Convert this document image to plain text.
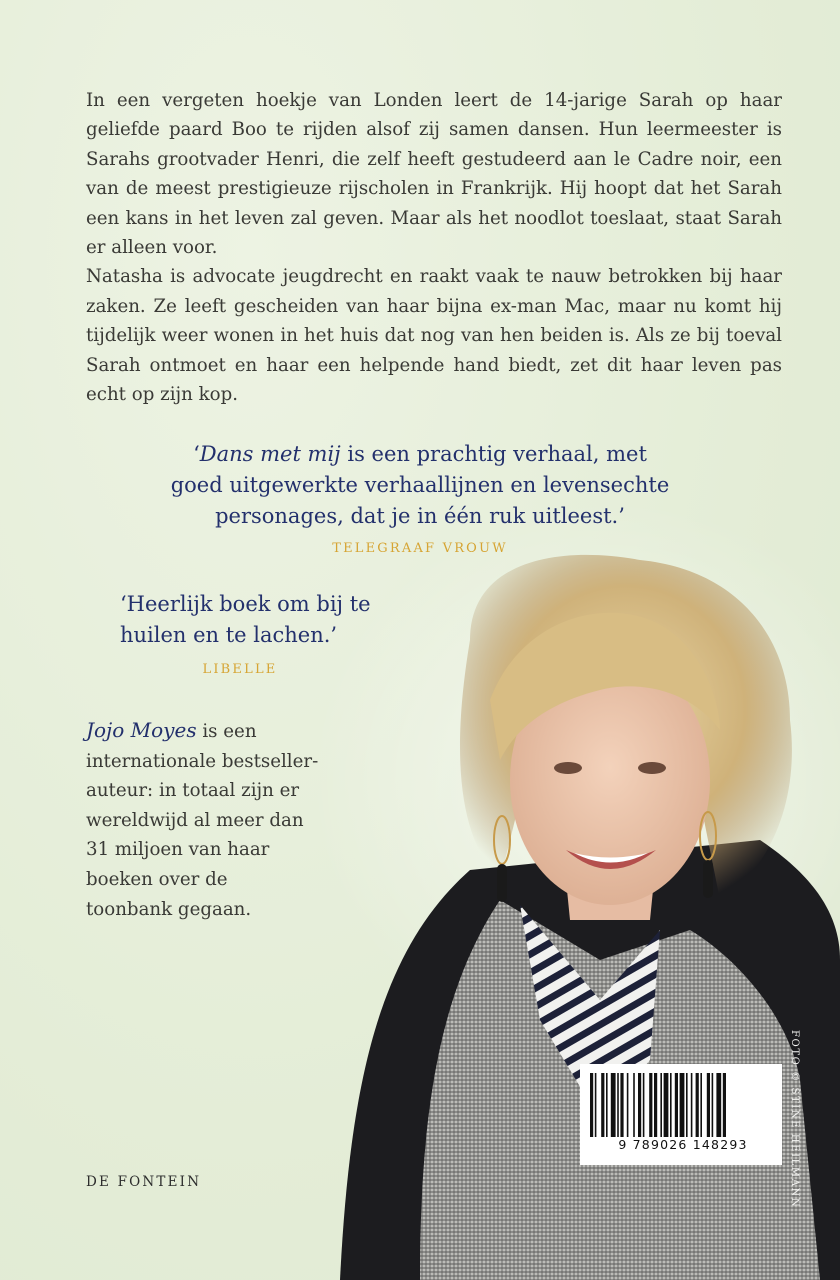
In een vergeten hoekje van Londen leert de 14-jarige Sarah op haar geliefde paard Boo te rijden alsof zij samen dansen. Hun leermeester is Sarahs grootvader Henri, die zelf heeft gestudeerd aan le Cadre noir, een van de meest prestigieuze rijscholen in Frankrijk. Hij hoopt dat het Sarah een kans in het leven zal geven. Maar als het noodlot toeslaat, staat Sarah er alleen voor.

Natasha is advocate jeugdrecht en raakt vaak te nauw betrokken bij haar zaken. Ze leeft gescheiden van haar bijna ex-man Mac, maar nu komt hij tijdelijk weer wonen in het huis dat nog van hen beiden is. Als ze bij toeval Sarah ontmoet en haar een helpende hand biedt, zet dit haar leven pas echt op zijn kop.

‘Dans met mij is een prachtig verhaal, met
goed uitgewerkte verhaallijnen en levensechte
personages, dat je in één ruk uitleest.’
TELEGRAAF VROUW
‘Heerlijk boek om bij te
huilen en te lachen.’
LIBELLE
Jojo Moyes is een
internationale bestseller-
auteur: in totaal zijn er
wereldwijd al meer dan
31 miljoen van haar
boeken over de
toonbank gegaan.
DE FONTEIN	FOTO © STINE HEILMANN
9 789026 148293
